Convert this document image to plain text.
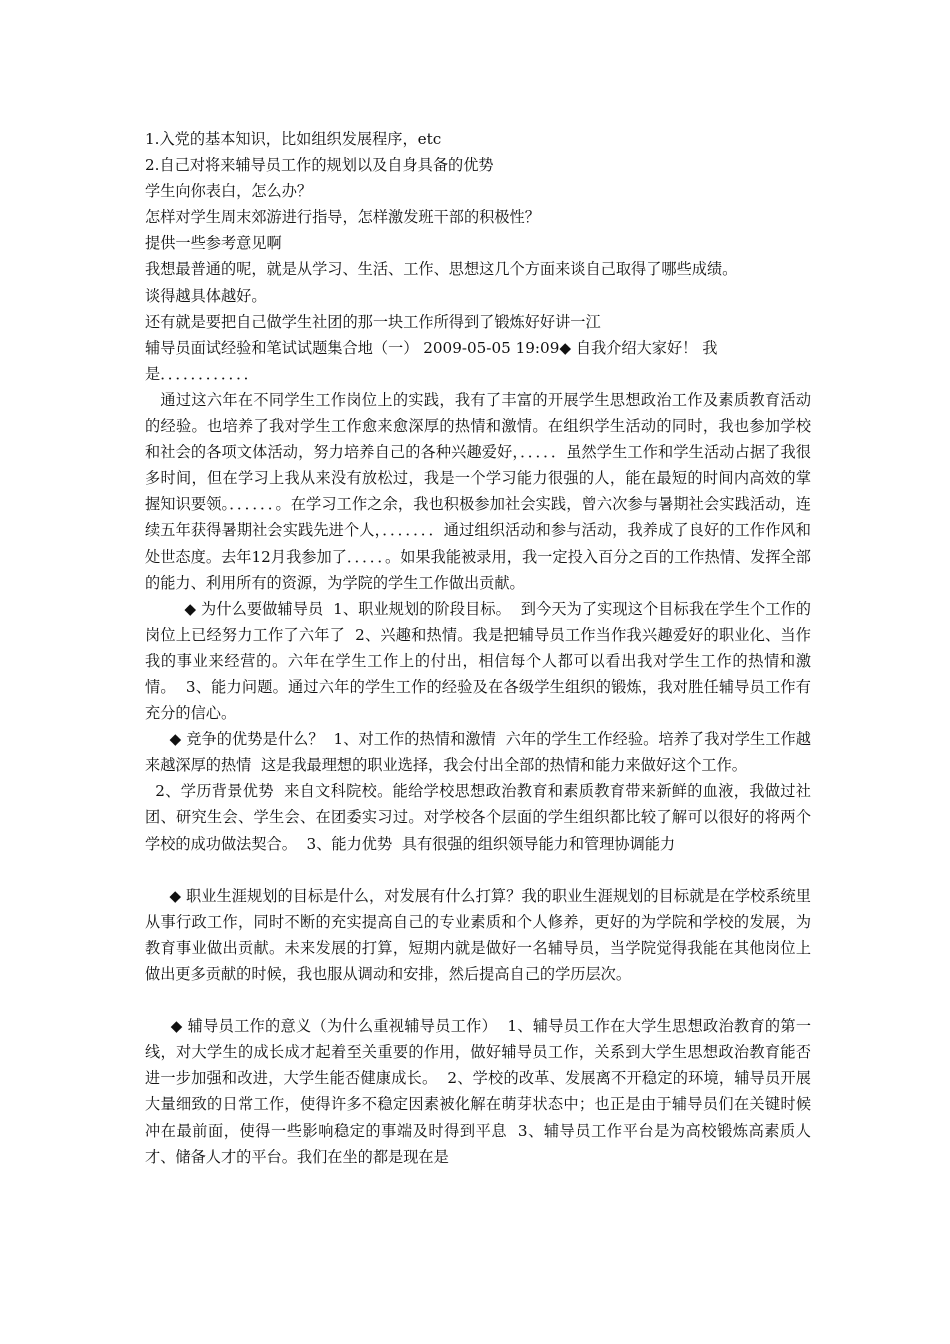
1.入党的基本知识，比如组织发展程序，etc
2.自己对将来辅导员工作的规划以及自身具备的优势
学生向你表白，怎么办？
怎样对学生周末郊游进行指导，怎样激发班干部的积极性？
提供一些参考意见啊
我想最普通的呢，就是从学习、生活、工作、思想这几个方面来谈自己取得了哪些成绩。
谈得越具体越好。
还有就是要把自己做学生社团的那一块工作所得到了锻炼好好讲一江
辅导员面试经验和笔试试题集合地（一） 2009-05-05 19:09◆ 自我介绍大家好！ 我
是．．．．．．．．．．．．

通过这六年在不同学生工作岗位上的实践，我有了丰富的开展学生思想政治工作及素质教育活动的经验。也培养了我对学生工作愈来愈深厚的热情和激情。在组织学生活动的同时，我也参加学校和社会的各项文体活动，努力培养自己的各种兴趣爱好，．．．．．虽然学生工作和学生活动占据了我很多时间，但在学习上我从来没有放松过，我是一个学习能力很强的人，能在最短的时间内高效的掌握知识要领。．．．．．．。在学习工作之余，我也积极参加社会实践，曾六次参与暑期社会实践活动，连续五年获得暑期社会实践先进个人，．．．．．．．通过组织活动和参与活动，我养成了良好的工作作风和处世态度。去年12月我参加了．．．．．。如果我能被录用，我一定投入百分之百的工作热情、发挥全部的能力、利用所有的资源，为学院的学生工作做出贡献。

◆ 为什么要做辅导员  1、职业规划的阶段目标。  到今天为了实现这个目标我在学生个工作的岗位上已经努力工作了六年了  2、兴趣和热情。我是把辅导员工作当作我兴趣爱好的职业化、当作我的事业来经营的。六年在学生工作上的付出，相信每个人都可以看出我对学生工作的热情和激情。  3、能力问题。通过六年的学生工作的经验及在各级学生组织的锻炼，我对胜任辅导员工作有充分的信心。

◆ 竞争的优势是什么？  1、对工作的热情和激情  六年的学生工作经验。培养了我对学生工作越来越深厚的热情  这是我最理想的职业选择，我会付出全部的热情和能力来做好这个工作。

2、学历背景优势  来自文科院校。能给学校思想政治教育和素质教育带来新鲜的血液，我做过社团、研究生会、学生会、在团委实习过。对学校各个层面的学生组织都比较了解可以很好的将两个学校的成功做法契合。  3、能力优势  具有很强的组织领导能力和管理协调能力

◆ 职业生涯规划的目标是什么，对发展有什么打算？我的职业生涯规划的目标就是在学校系统里从事行政工作，同时不断的充实提高自己的专业素质和个人修养，更好的为学院和学校的发展，为教育事业做出贡献。未来发展的打算，短期内就是做好一名辅导员，当学院觉得我能在其他岗位上做出更多贡献的时候，我也服从调动和安排，然后提高自己的学历层次。

◆ 辅导员工作的意义（为什么重视辅导员工作）  1、辅导员工作在大学生思想政治教育的第一线，对大学生的成长成才起着至关重要的作用，做好辅导员工作，关系到大学生思想政治教育能否进一步加强和改进，大学生能否健康成长。  2、学校的改革、发展离不开稳定的环境，辅导员开展大量细致的日常工作，使得许多不稳定因素被化解在萌芽状态中；也正是由于辅导员们在关键时候冲在最前面，使得一些影响稳定的事端及时得到平息  3、辅导员工作平台是为高校锻炼高素质人才、储备人才的平台。我们在坐的都是现在是
